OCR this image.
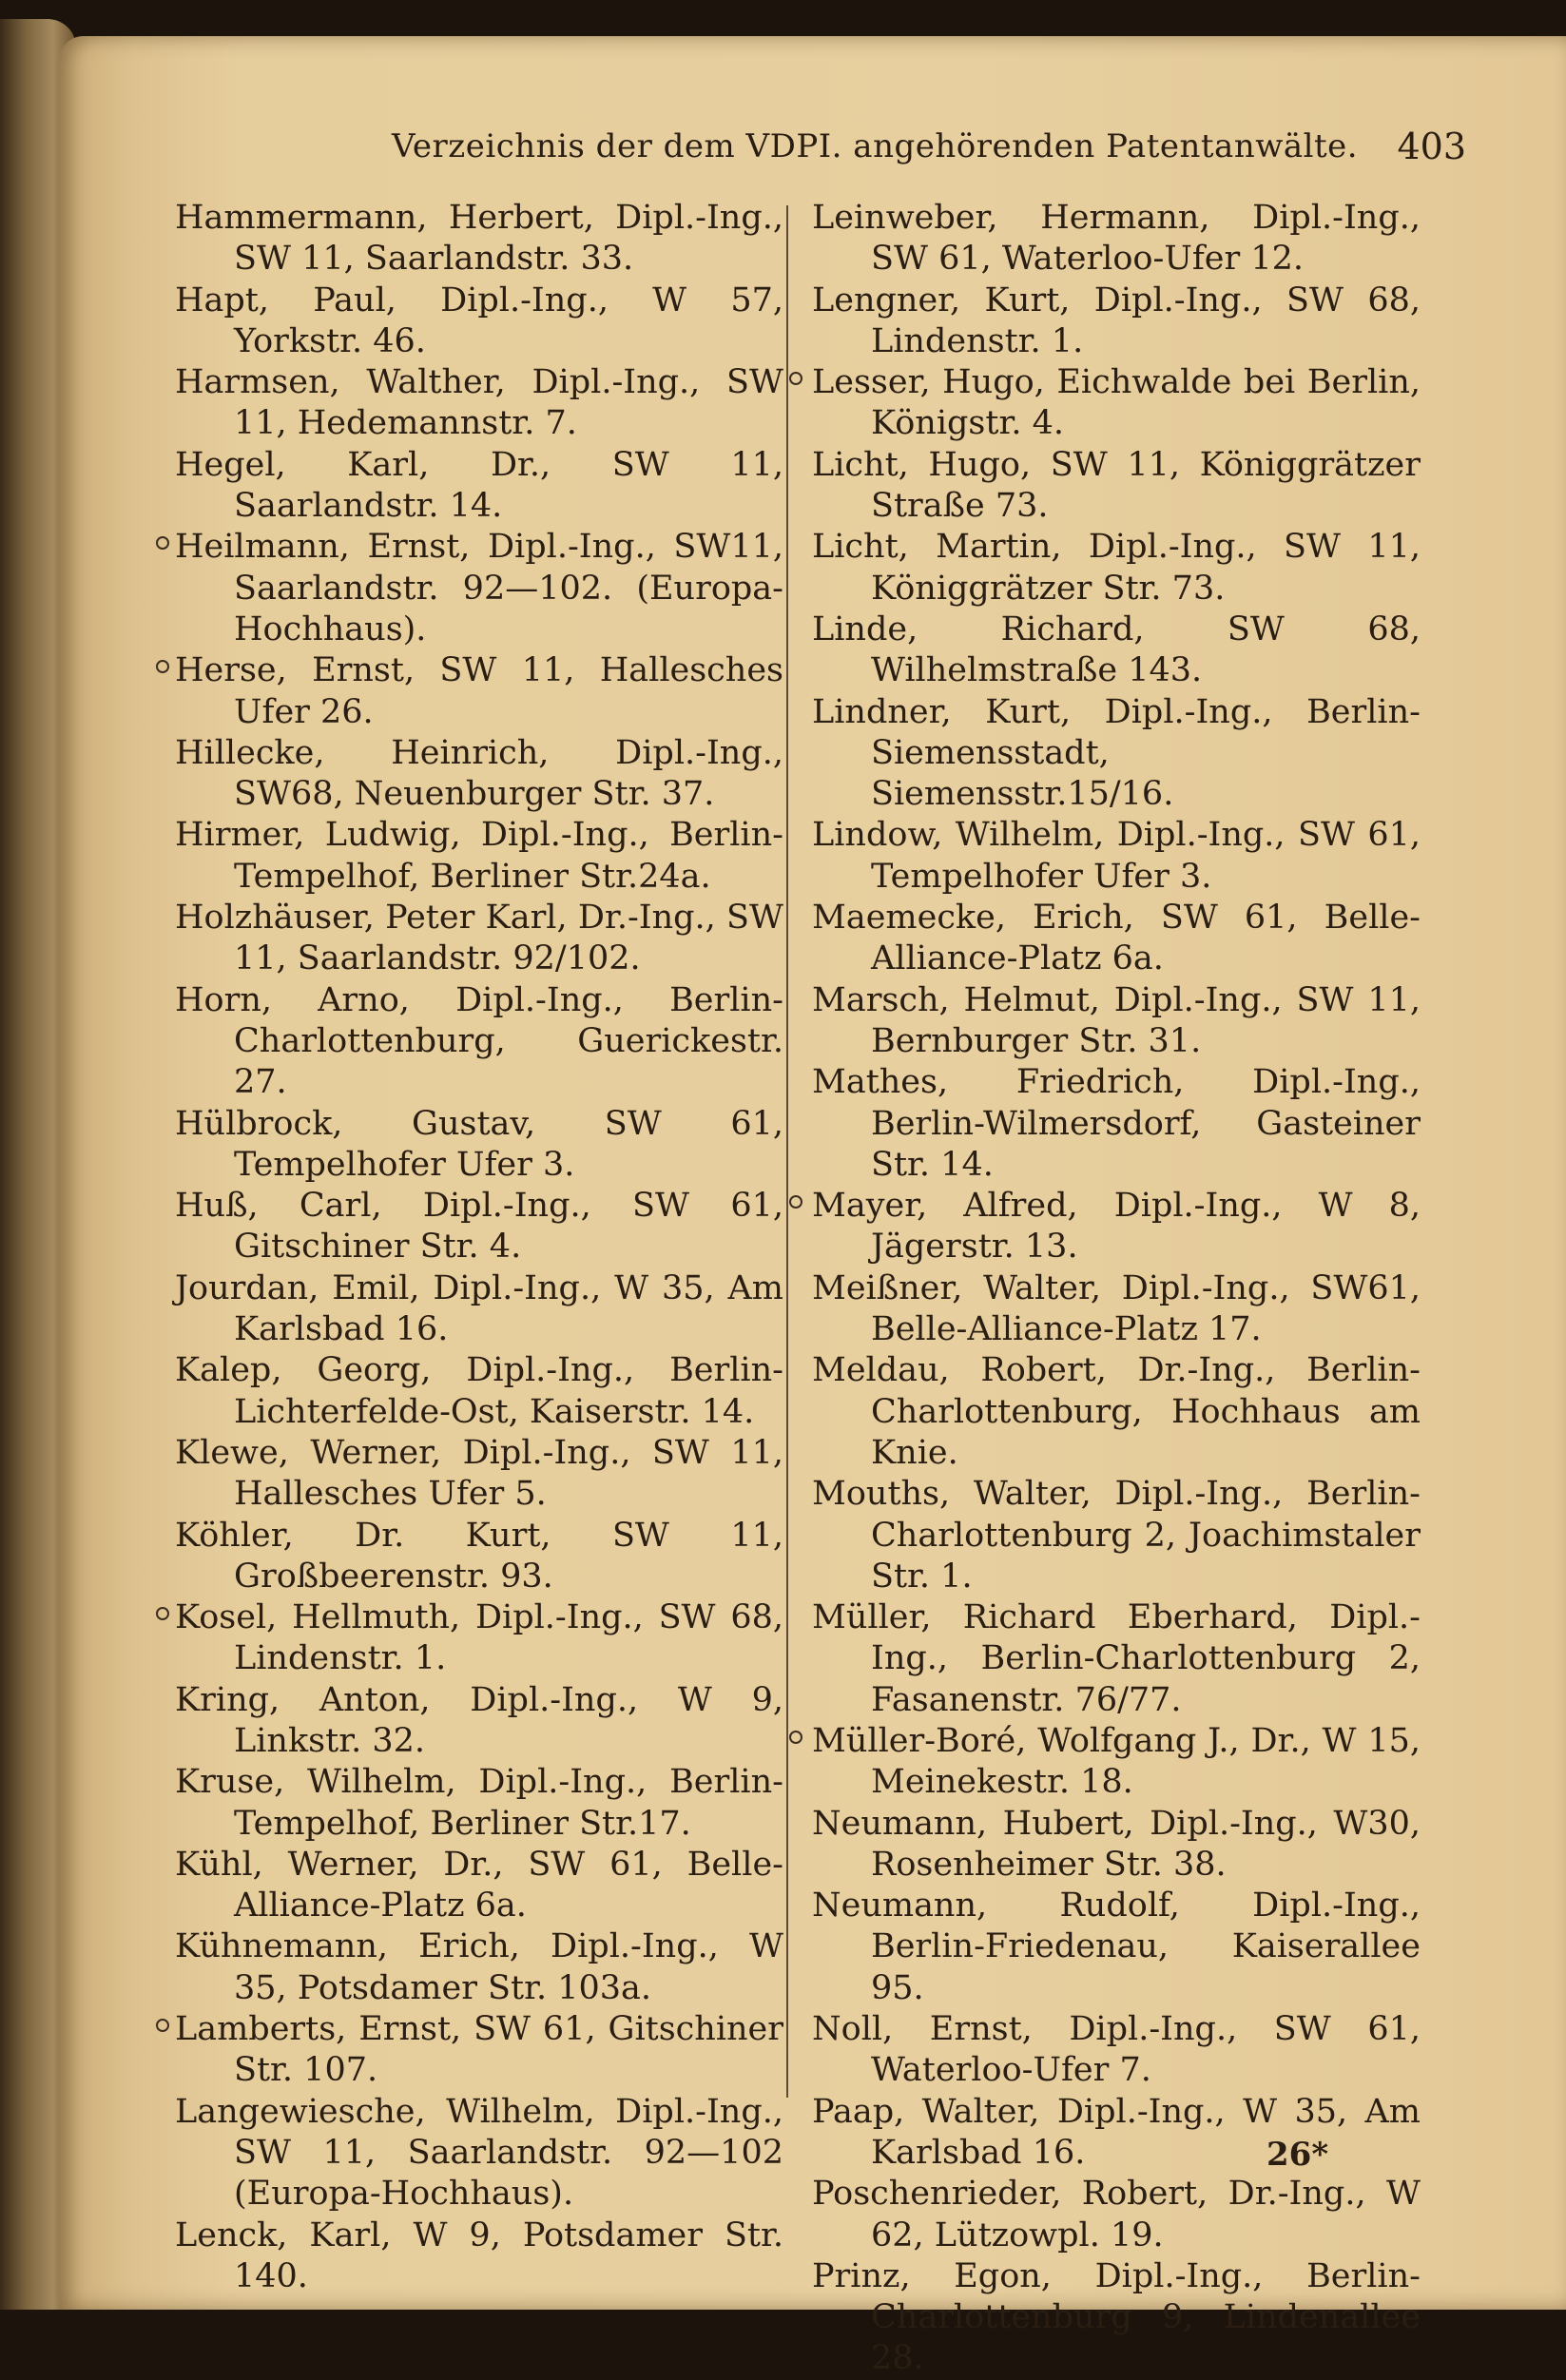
Verzeichnis der dem VDPI. angehörenden Patentanwälte. 403
Hammermann, Herbert, Dipl.-Ing., SW 11, Saarlandstr. 33.
Hapt, Paul, Dipl.-Ing., W 57, Yorkstr. 46.
Harmsen, Walther, Dipl.-Ing., SW 11, Hedemannstr. 7.
Hegel, Karl, Dr., SW 11, Saarlandstr. 14.
Heilmann, Ernst, Dipl.-Ing., SW11, Saarlandstr. 92—102. (Europa-Hochhaus).
Herse, Ernst, SW 11, Hallesches Ufer 26.
Hillecke, Heinrich, Dipl.-Ing., SW68, Neuenburger Str. 37.
Hirmer, Ludwig, Dipl.-Ing., Berlin-Tempelhof, Berliner Str.24a.
Holzhäuser, Peter Karl, Dr.-Ing., SW 11, Saarlandstr. 92/102.
Horn, Arno, Dipl.-Ing., Berlin-Charlottenburg, Guerickestr. 27.
Hülbrock, Gustav, SW 61, Tempelhofer Ufer 3.
Huß, Carl, Dipl.-Ing., SW 61, Gitschiner Str. 4.
Jourdan, Emil, Dipl.-Ing., W 35, Am Karlsbad 16.
Kalep, Georg, Dipl.-Ing., Berlin-Lichterfelde-Ost, Kaiserstr. 14.
Klewe, Werner, Dipl.-Ing., SW 11, Hallesches Ufer 5.
Köhler, Dr. Kurt, SW 11, Großbeerenstr. 93.
Kosel, Hellmuth, Dipl.-Ing., SW 68, Lindenstr. 1.
Kring, Anton, Dipl.-Ing., W 9, Linkstr. 32.
Kruse, Wilhelm, Dipl.-Ing., Berlin-Tempelhof, Berliner Str.17.
Kühl, Werner, Dr., SW 61, Belle-Alliance-Platz 6a.
Kühnemann, Erich, Dipl.-Ing., W 35, Potsdamer Str. 103a.
Lamberts, Ernst, SW 61, Gitschiner Str. 107.
Langewiesche, Wilhelm, Dipl.-Ing., SW 11, Saarlandstr. 92—102 (Europa-Hochhaus).
Lenck, Karl, W 9, Potsdamer Str. 140.
Leinweber, Hermann, Dipl.-Ing., SW 61, Waterloo-Ufer 12.
Lengner, Kurt, Dipl.-Ing., SW 68, Lindenstr. 1.
Lesser, Hugo, Eichwalde bei Berlin, Königstr. 4.
Licht, Hugo, SW 11, Königgrätzer Straße 73.
Licht, Martin, Dipl.-Ing., SW 11, Königgrätzer Str. 73.
Linde, Richard, SW 68, Wilhelmstraße 143.
Lindner, Kurt, Dipl.-Ing., Berlin-Siemensstadt, Siemensstr.15/16.
Lindow, Wilhelm, Dipl.-Ing., SW 61, Tempelhofer Ufer 3.
Maemecke, Erich, SW 61, Belle-Alliance-Platz 6a.
Marsch, Helmut, Dipl.-Ing., SW 11, Bernburger Str. 31.
Mathes, Friedrich, Dipl.-Ing., Berlin-Wilmersdorf, Gasteiner Str. 14.
Mayer, Alfred, Dipl.-Ing., W 8, Jägerstr. 13.
Meißner, Walter, Dipl.-Ing., SW61, Belle-Alliance-Platz 17.
Meldau, Robert, Dr.-Ing., Berlin-Charlottenburg, Hochhaus am Knie.
Mouths, Walter, Dipl.-Ing., Berlin-Charlottenburg 2, Joachimstaler Str. 1.
Müller, Richard Eberhard, Dipl.-Ing., Berlin-Charlottenburg 2, Fasanenstr. 76/77.
Müller-Boré, Wolfgang J., Dr., W 15, Meinekestr. 18.
Neumann, Hubert, Dipl.-Ing., W30, Rosenheimer Str. 38.
Neumann, Rudolf, Dipl.-Ing., Berlin-Friedenau, Kaiserallee 95.
Noll, Ernst, Dipl.-Ing., SW 61, Waterloo-Ufer 7.
Paap, Walter, Dipl.-Ing., W 35, Am Karlsbad 16.
Poschenrieder, Robert, Dr.-Ing., W 62, Lützowpl. 19.
Prinz, Egon, Dipl.-Ing., Berlin-Charlottenburg 9, Lindenallee 28.
26*
